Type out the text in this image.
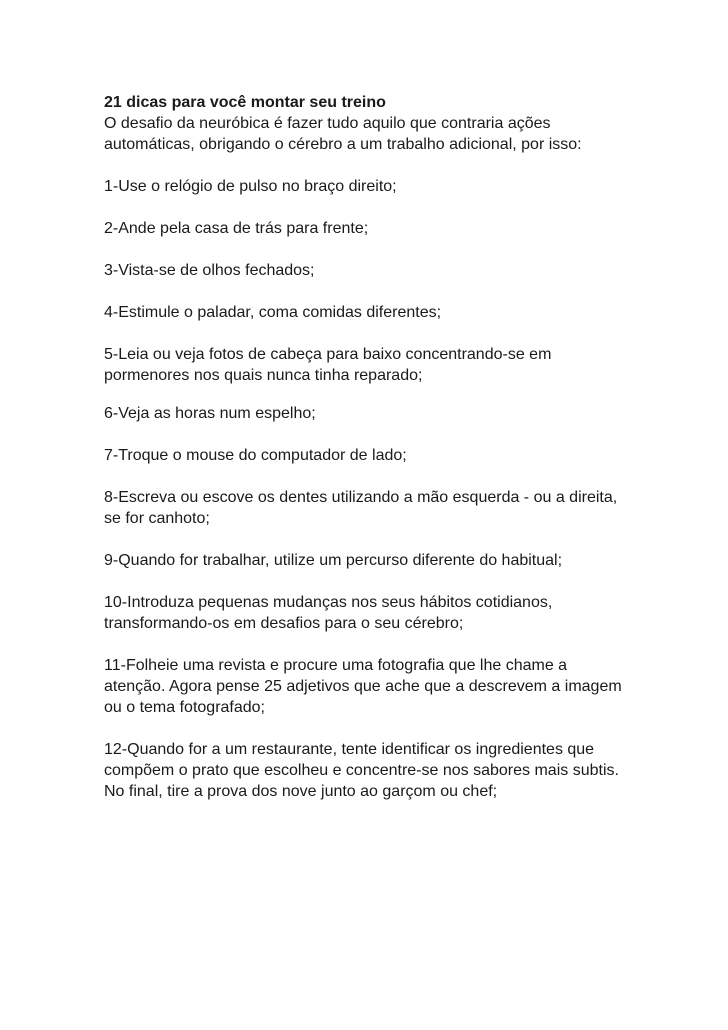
21 dicas para você montar seu treino

O desafio da neuróbica é fazer tudo aquilo que contraria ações
automáticas, obrigando o cérebro a um trabalho adicional, por isso:

1-Use o relógio de pulso no braço direito;

2-Ande pela casa de trás para frente;

3-Vista-se de olhos fechados;

4-Estimule o paladar, coma comidas diferentes;

5-Leia ou veja fotos de cabeça para baixo concentrando-se em
pormenores nos quais nunca tinha reparado;

6-Veja as horas num espelho;

7-Troque o mouse do computador de lado;

8-Escreva ou escove os dentes utilizando a mão esquerda - ou a direita,
se for canhoto;

9-Quando for trabalhar, utilize um percurso diferente do habitual;

10-Introduza pequenas mudanças nos seus hábitos cotidianos,
transformando-os em desafios para o seu cérebro;

11-Folheie uma revista e procure uma fotografia que lhe chame a
atenção. Agora pense 25 adjetivos que ache que a descrevem a imagem
ou o tema fotografado;

12-Quando for a um restaurante, tente identificar os ingredientes que
compõem o prato que escolheu e concentre-se nos sabores mais subtis.
No final, tire a prova dos nove junto ao garçom ou chef;
